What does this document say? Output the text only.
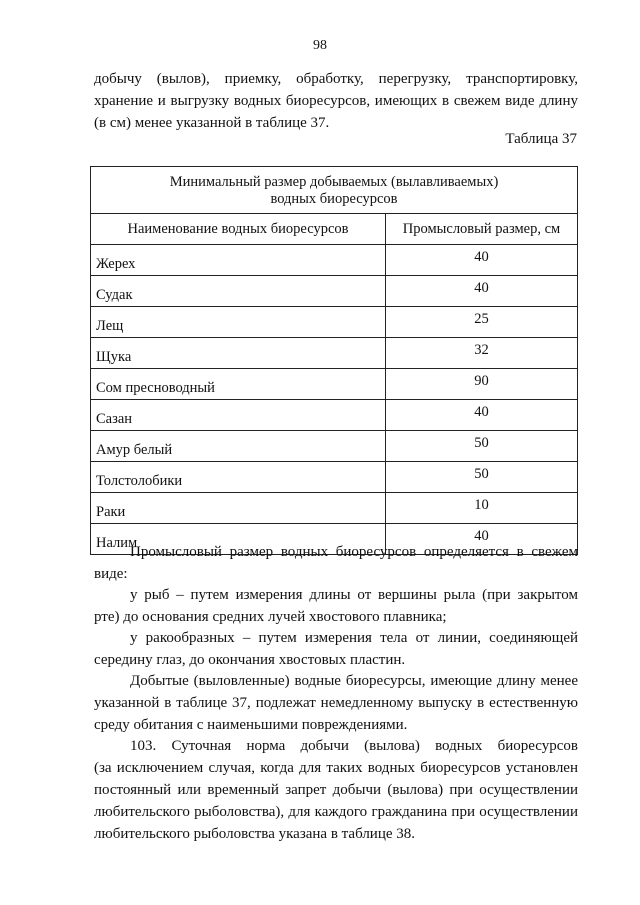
98
добычу (вылов), приемку, обработку, перегрузку, транспортировку,
хранение и выгрузку водных биоресурсов, имеющих в свежем виде длину
(в см) менее указанной в таблице 37.
Таблица 37
Минимальный размер добываемых (вылавливаемых)
водных биоресурсов	
Наименование водных биоресурсов	Промысловый размер, см
Жерех	40
Судак	40
Лещ	25
Щука	32
Сом пресноводный	90
Сазан	40
Амур белый	50
Толстолобики	50
Раки	10
Налим	40
Промысловый размер водных биоресурсов определяется в свежем
виде:
у рыб – путем измерения длины от вершины рыла (при закрытом
рте) до основания средних лучей хвостового плавника;
у ракообразных – путем измерения тела от линии, соединяющей
середину глаз, до окончания хвостовых пластин.
Добытые (выловленные) водные биоресурсы, имеющие длину менее
указанной в таблице 37, подлежат немедленному выпуску в естественную
среду обитания с наименьшими повреждениями.
103. Суточная норма добычи (вылова) водных биоресурсов
(за исключением случая, когда для таких водных биоресурсов установлен
постоянный или временный запрет добычи (вылова) при осуществлении
любительского рыболовства), для каждого гражданина при осуществлении
любительского рыболовства указана в таблице 38.
